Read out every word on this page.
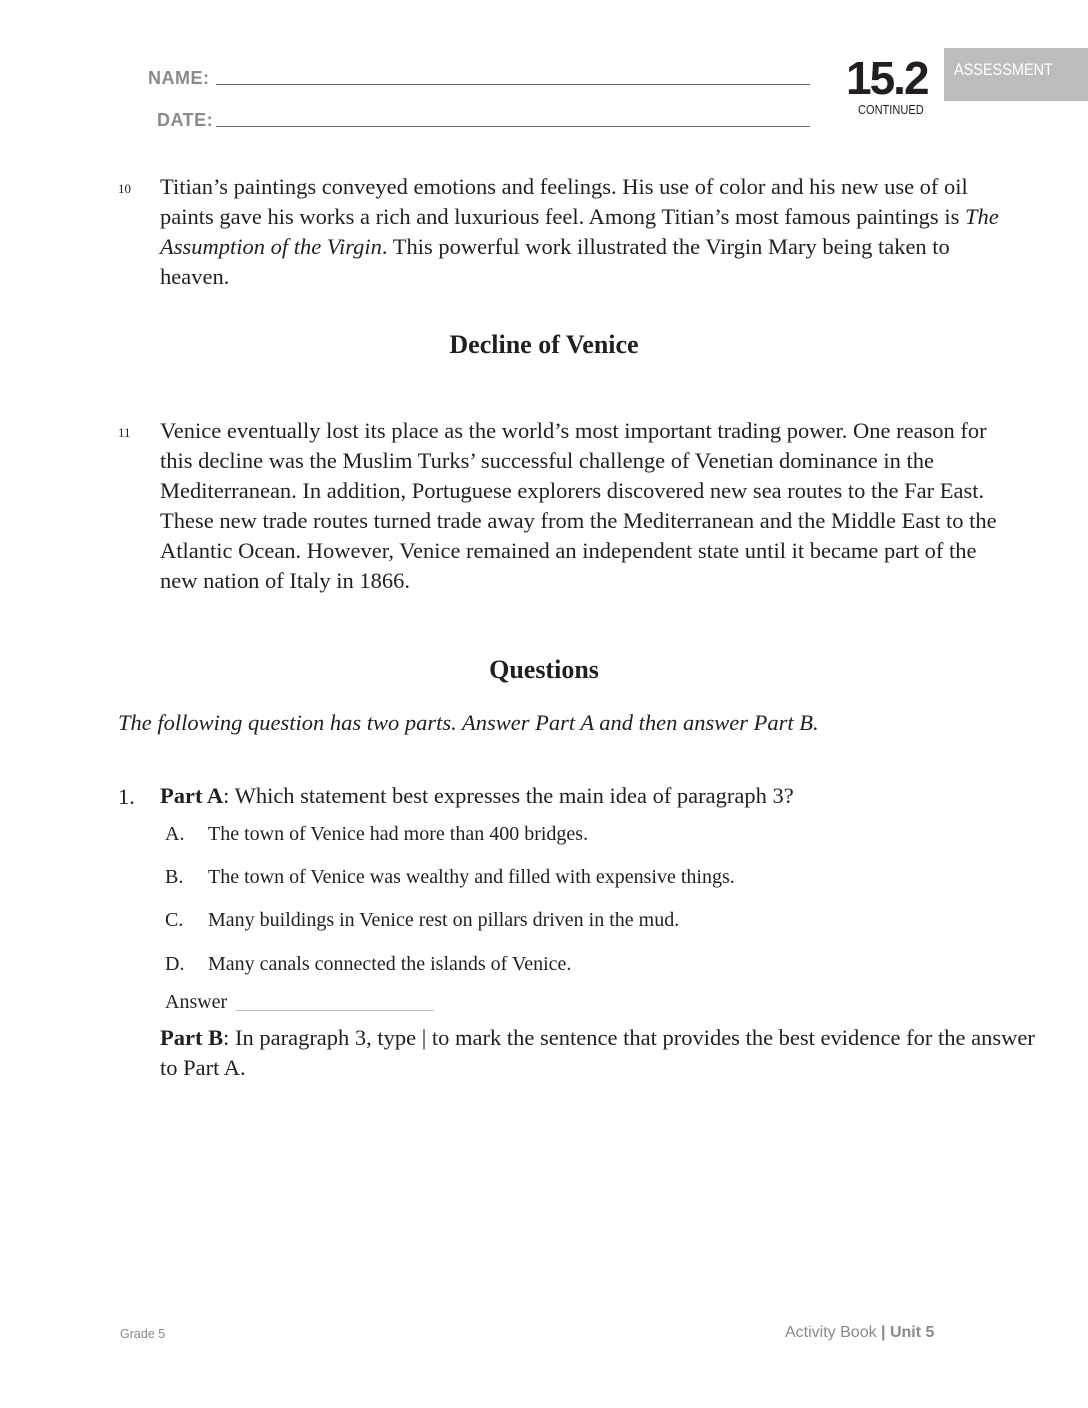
NAME:
DATE:
15.2
CONTINUED
ASSESSMENT
10 Titian’s paintings conveyed emotions and feelings. His use of color and his new use of oil paints gave his works a rich and luxurious feel. Among Titian’s most famous paintings is The Assumption of the Virgin. This powerful work illustrated the Virgin Mary being taken to heaven.
Decline of Venice
11 Venice eventually lost its place as the world’s most important trading power. One reason for this decline was the Muslim Turks’ successful challenge of Venetian dominance in the Mediterranean. In addition, Portuguese explorers discovered new sea routes to the Far East. These new trade routes turned trade away from the Mediterranean and the Middle East to the Atlantic Ocean. However, Venice remained an independent state until it became part of the new nation of Italy in 1866.
Questions
The following question has two parts. Answer Part A and then answer Part B.
1. Part A: Which statement best expresses the main idea of paragraph 3?
A. The town of Venice had more than 400 bridges.
B. The town of Venice was wealthy and filled with expensive things.
C. Many buildings in Venice rest on pillars driven in the mud.
D. Many canals connected the islands of Venice.
Answer
Part B: In paragraph 3, type | to mark the sentence that provides the best evidence for the answer to Part A.
Grade 5	Activity Book | Unit 5
